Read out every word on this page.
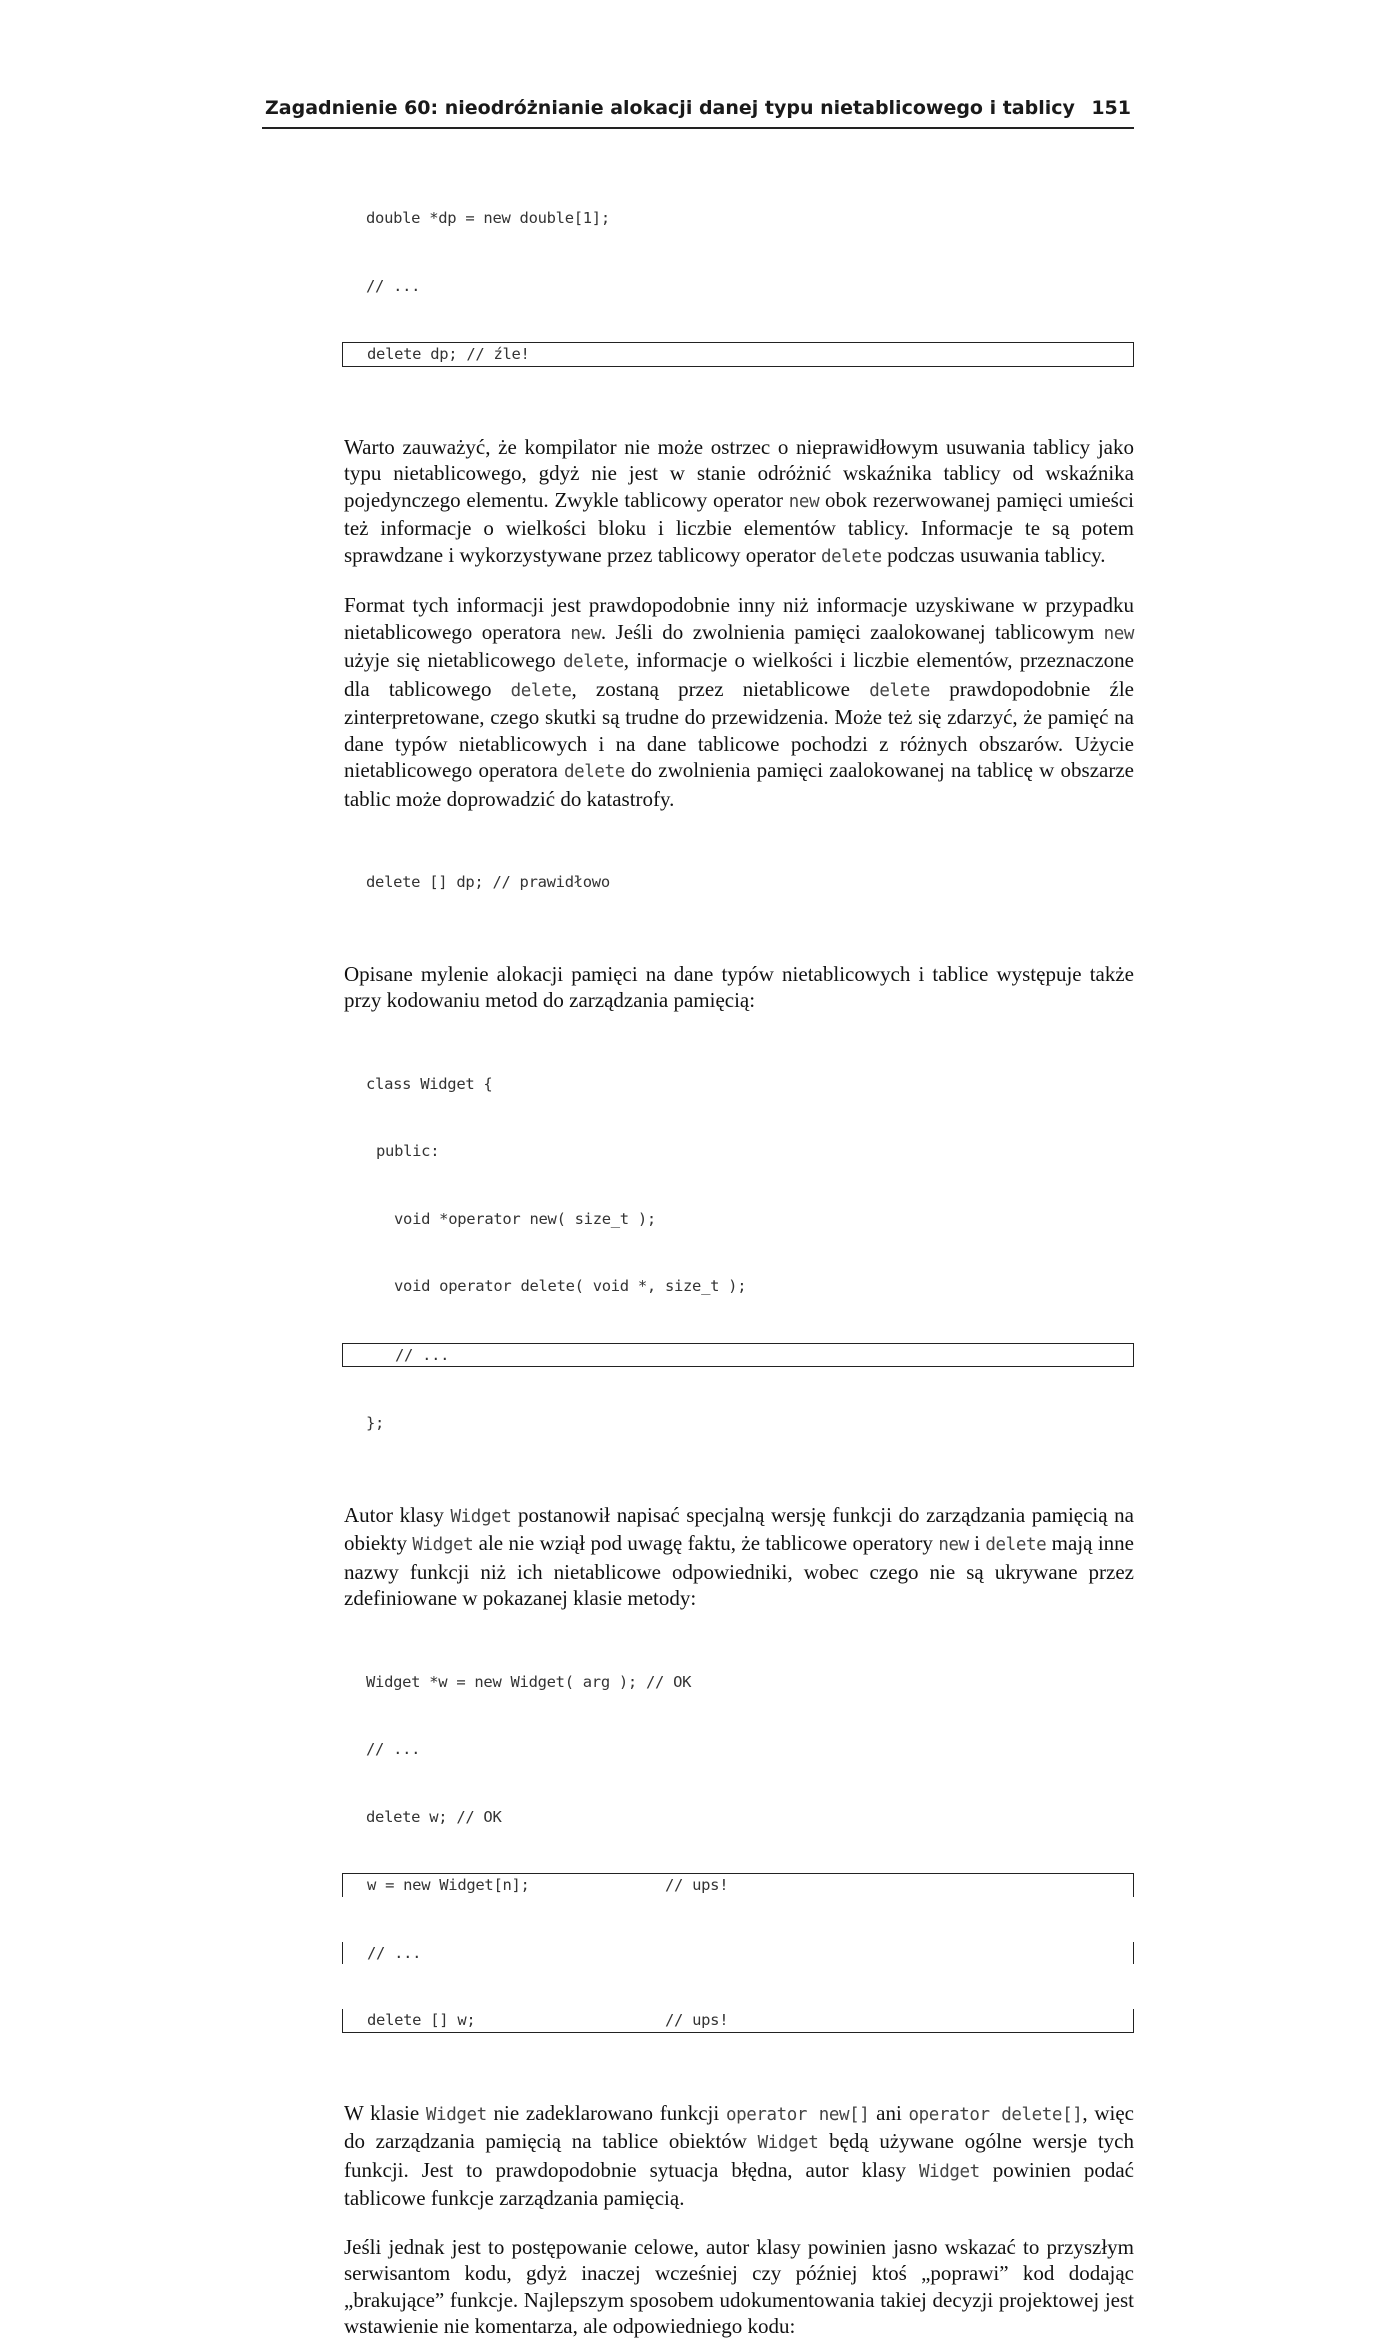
Zagadnienie 60: nieodróżnianie alokacji danej typu nietablicowego i tablicy 151

double *dp = new double[1];

// ...

delete dp; // źle!

Warto zauważyć, że kompilator nie może ostrzec o nieprawidłowym usuwania tablicy jako typu nietablicowego, gdyż nie jest w stanie odróżnić wskaźnika tablicy od wskaźnika pojedynczego elementu. Zwykle tablicowy operator new obok rezerwowanej pamięci umieści też informacje o wielkości bloku i liczbie elementów tablicy. Informacje te są potem sprawdzane i wykorzystywane przez tablicowy operator delete podczas usuwania tablicy.

Format tych informacji jest prawdopodobnie inny niż informacje uzyskiwane w przypadku nietablicowego operatora new. Jeśli do zwolnienia pamięci zaalokowanej tablicowym new użyje się nietablicowego delete, informacje o wielkości i liczbie elementów, przeznaczone dla tablicowego delete, zostaną przez nietablicowe delete prawdopodobnie źle zinterpretowane, czego skutki są trudne do przewidzenia. Może też się zdarzyć, że pamięć na dane typów nietablicowych i na dane tablicowe pochodzi z różnych obszarów. Użycie nietablicowego operatora delete do zwolnienia pamięci zaalokowanej na tablicę w obszarze tablic może doprowadzić do katastrofy.

delete [] dp; // prawidłowo

Opisane mylenie alokacji pamięci na dane typów nietablicowych i tablice występuje także przy kodowaniu metod do zarządzania pamięcią:

class Widget {

public:

void *operator new( size_t );

void operator delete( void *, size_t );

// ...

};

Autor klasy Widget postanowił napisać specjalną wersję funkcji do zarządzania pamięcią na obiekty Widget ale nie wziął pod uwagę faktu, że tablicowe operatory new i delete mają inne nazwy funkcji niż ich nietablicowe odpowiedniki, wobec czego nie są ukrywane przez zdefiniowane w pokazanej klasie metody:

Widget *w = new Widget( arg ); // OK

// ...

delete w; // OK

w = new Widget[n];	// ups!

// ...

delete [] w;	// ups!

W klasie Widget nie zadeklarowano funkcji operator new[] ani operator delete[], więc do zarządzania pamięcią na tablice obiektów Widget będą używane ogólne wersje tych funkcji. Jest to prawdopodobnie sytuacja błędna, autor klasy Widget powinien podać tablicowe funkcje zarządzania pamięcią.

Jeśli jednak jest to postępowanie celowe, autor klasy powinien jasno wskazać to przyszłym serwisantom kodu, gdyż inaczej wcześniej czy później ktoś „poprawi” kod dodając „brakujące” funkcje. Najlepszym sposobem udokumentowania takiej decyzji projektowej jest wstawienie nie komentarza, ale odpowiedniego kodu:
